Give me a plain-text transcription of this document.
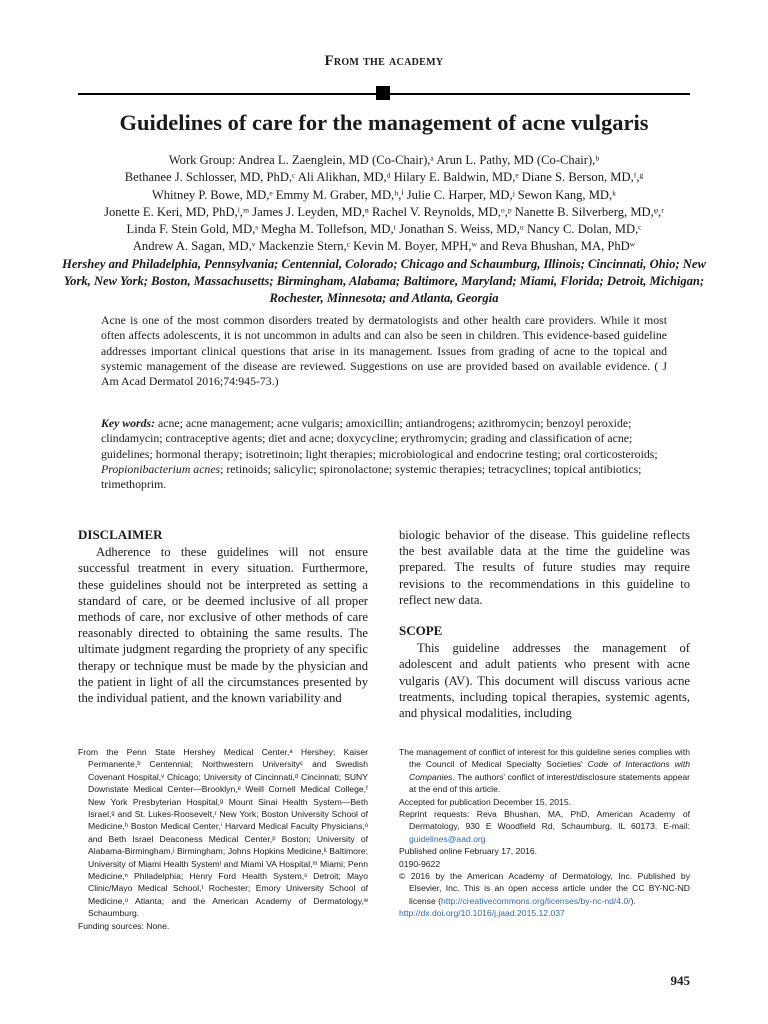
From the academy
Guidelines of care for the management of acne vulgaris
Work Group: Andrea L. Zaenglein, MD (Co-Chair),ᵃ Arun L. Pathy, MD (Co-Chair),ᵇ
Bethanee J. Schlosser, MD, PhD,ᶜ Ali Alikhan, MD,ᵈ Hilary E. Baldwin, MD,ᵉ Diane S. Berson, MD,ᶠ,ᵍ
Whitney P. Bowe, MD,ᵉ Emmy M. Graber, MD,ʰ,ⁱ Julie C. Harper, MD,ʲ Sewon Kang, MD,ᵏ
Jonette E. Keri, MD, PhD,ˡ,ᵐ James J. Leyden, MD,ⁿ Rachel V. Reynolds, MD,ᵒ,ᵖ Nanette B. Silverberg, MD,ᵠ,ʳ
Linda F. Stein Gold, MD,ˢ Megha M. Tollefson, MD,ᵗ Jonathan S. Weiss, MD,ᵘ Nancy C. Dolan, MD,ᶜ
Andrew A. Sagan, MD,ᵛ Mackenzie Stern,ᶜ Kevin M. Boyer, MPH,ʷ and Reva Bhushan, MA, PhDʷ
Hershey and Philadelphia, Pennsylvania; Centennial, Colorado; Chicago and Schaumburg, Illinois; Cincinnati, Ohio; New York, New York; Boston, Massachusetts; Birmingham, Alabama; Baltimore, Maryland; Miami, Florida; Detroit, Michigan; Rochester, Minnesota; and Atlanta, Georgia

Acne is one of the most common disorders treated by dermatologists and other health care providers. While it most often affects adolescents, it is not uncommon in adults and can also be seen in children. This evidence-based guideline addresses important clinical questions that arise in its management. Issues from grading of acne to the topical and systemic management of the disease are reviewed. Suggestions on use are provided based on available evidence. ( J Am Acad Dermatol 2016;74:945-73.)

Key words: acne; acne management; acne vulgaris; amoxicillin; antiandrogens; azithromycin; benzoyl peroxide; clindamycin; contraceptive agents; diet and acne; doxycycline; erythromycin; grading and classification of acne; guidelines; hormonal therapy; isotretinoin; light therapies; microbiological and endocrine testing; oral corticosteroids; Propionibacterium acnes; retinoids; salicylic; spironolactone; systemic therapies; tetracyclines; topical antibiotics; trimethoprim.

DISCLAIMER

Adherence to these guidelines will not ensure successful treatment in every situation. Furthermore, these guidelines should not be interpreted as setting a standard of care, or be deemed inclusive of all proper methods of care, nor exclusive of other methods of care reasonably directed to obtaining the same results. The ultimate judgment regarding the propriety of any specific therapy or technique must be made by the physician and the patient in light of all the circumstances presented by the individual patient, and the known variability and

biologic behavior of the disease. This guideline reflects the best available data at the time the guideline was prepared. The results of future studies may require revisions to the recommendations in this guideline to reflect new data.

SCOPE

This guideline addresses the management of adolescent and adult patients who present with acne vulgaris (AV). This document will discuss various acne treatments, including topical therapies, systemic agents, and physical modalities, including

From the Penn State Hershey Medical Center,ᵃ Hershey; Kaiser Permanente,ᵇ Centennial; Northwestern Universityᶜ and Swedish Covenant Hospital,ᵛ Chicago; University of Cincinnati,ᵈ Cincinnati; SUNY Downstate Medical Center—Brooklyn,ᵉ Weill Cornell Medical College,ᶠ New York Presbyterian Hospital,ᵍ Mount Sinai Health System—Beth Israel,ᵍ and St. Lukes-Roosevelt,ʳ New York; Boston University School of Medicine,ʰ Boston Medical Center,ⁱ Harvard Medical Faculty Physicians,ᵒ and Beth Israel Deaconess Medical Center,ᵖ Boston; University of Alabama-Birmingham,ʲ Birmingham; Johns Hopkins Medicine,ᵏ Baltimore; University of Miami Health Systemˡ and Miami VA Hospital,ᵐ Miami; Penn Medicine,ⁿ Philadelphia; Henry Ford Health System,ˢ Detroit; Mayo Clinic/Mayo Medical School,ᵗ Rochester; Emory University School of Medicine,ᵘ Atlanta; and the American Academy of Dermatology,ʷ Schaumburg.

Funding sources: None.

The management of conflict of interest for this guideline series complies with the Council of Medical Specialty Societies' Code of Interactions with Companies. The authors' conflict of interest/disclosure statements appear at the end of this article.

Accepted for publication December 15, 2015.

Reprint requests: Reva Bhushan, MA, PhD, American Academy of Dermatology, 930 E Woodfield Rd, Schaumburg, IL 60173. E-mail: guidelines@aad.org

Published online February 17, 2016.

0190-9622

© 2016 by the American Academy of Dermatology, Inc. Published by Elsevier, Inc. This is an open access article under the CC BY-NC-ND license (http://creativecommons.org/licenses/by-nc-nd/4.0/).

http://dx.doi.org/10.1016/j.jaad.2015.12.037

945
